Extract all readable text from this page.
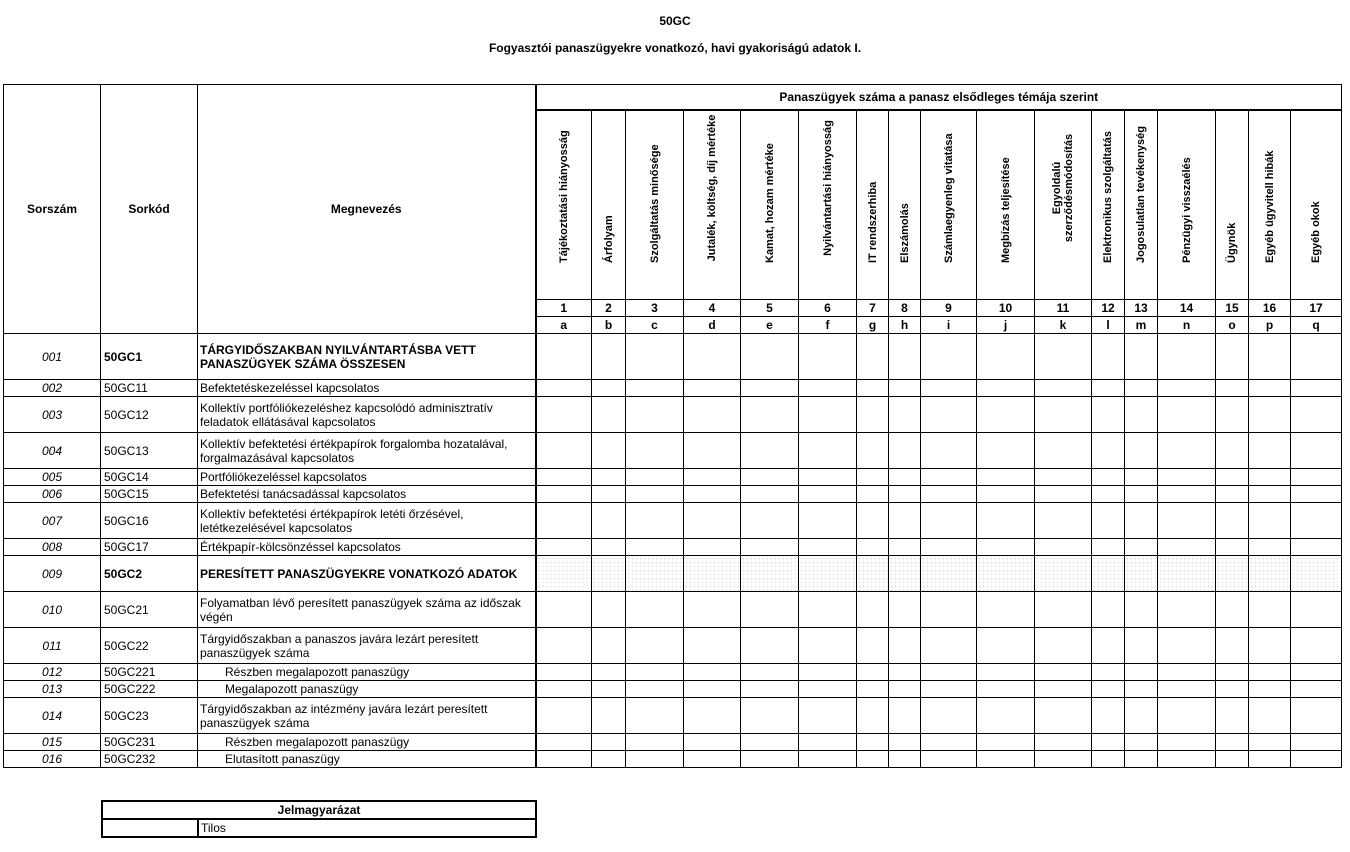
50GC
Fogyasztói panaszügyekre vonatkozó, havi gyakoriságú adatok I.
Sorszám	Sorkód	Megnevezés	Panaszügyek száma a panasz elsődleges témája szerint																

			Tájékoztatási hiányosság	Árfolyam	Szolgáltatás minősége	Jutalék, költség, díj mértéke	Kamat, hozam mértéke	Nyilvántartási hiányosság	IT rendszerhiba	Elszámolás	Számlaegyenleg vitatása	Megbízás teljesítése	Egyoldalú szerződésmódosítás	Elektronikus szolgáltatás	Jogosulatlan tevékenység	Pénzügyi visszaélés	Ügynök	Egyéb ügyvitell hibák	Egyéb okok

			1	2	3	4	5	6	7	8	9	10	11	12	13	14	15	16	17
			a	b	c	d	e	f	g	h	i	j	k	l	m	n	o	p	q
001	50GC1	TÁRGYIDŐSZAKBAN NYILVÁNTARTÁSBA VETT PANASZÜGYEK SZÁMA ÖSSZESEN																	
002	50GC11	Befektetéskezeléssel kapcsolatos																	
003	50GC12	Kollektív portfóliókezeléshez kapcsolódó adminisztratív feladatok ellátásával kapcsolatos																	
004	50GC13	Kollektív befektetési értékpapírok forgalomba hozatalával, forgalmazásával kapcsolatos																	
005	50GC14	Portfóliókezeléssel kapcsolatos																	
006	50GC15	Befektetési tanácsadással kapcsolatos																	
007	50GC16	Kollektív befektetési értékpapírok letéti őrzésével, letétkezelésével kapcsolatos																	
008	50GC17	Értékpapír-kölcsönzéssel kapcsolatos																	
009	50GC2	PERESÍTETT PANASZÜGYEKRE VONATKOZÓ ADATOK																	
010	50GC21	Folyamatban lévő peresített panaszügyek száma az időszak végén																	
011	50GC22	Tárgyidőszakban a panaszos javára lezárt peresített panaszügyek száma																	
012	50GC221	Részben megalapozott panaszügy																	
013	50GC222	Megalapozott panaszügy																	
014	50GC23	Tárgyidőszakban az intézmény javára lezárt peresített panaszügyek száma																	
015	50GC231	Részben megalapozott panaszügy																	
016	50GC232	Elutasított panaszügy																	
Jelmagyarázat
	Tilos
